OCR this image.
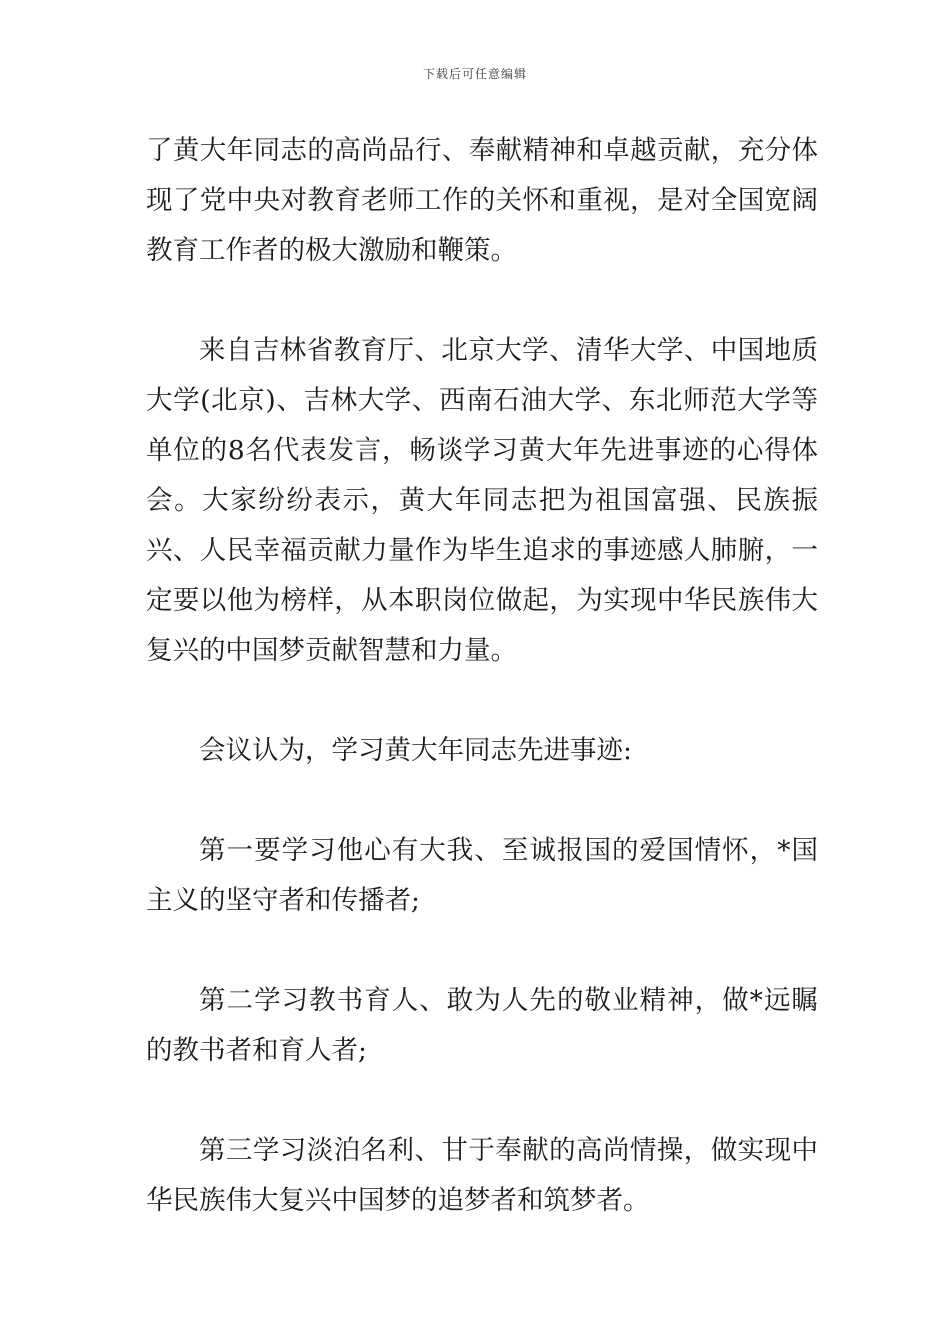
下载后可任意编辑

了黄大年同志的高尚品行、奉献精神和卓越贡献，充分体现了党中央对教育老师工作的关怀和重视，是对全国宽阔教育工作者的极大激励和鞭策。

来自吉林省教育厅、北京大学、清华大学、中国地质大学(北京)、吉林大学、西南石油大学、东北师范大学等单位的8名代表发言，畅谈学习黄大年先进事迹的心得体会。大家纷纷表示，黄大年同志把为祖国富强、民族振兴、人民幸福贡献力量作为毕生追求的事迹感人肺腑，一定要以他为榜样，从本职岗位做起，为实现中华民族伟大复兴的中国梦贡献智慧和力量。

会议认为，学习黄大年同志先进事迹:

第一要学习他心有大我、至诚报国的爱国情怀，*国主义的坚守者和传播者;

第二学习教书育人、敢为人先的敬业精神，做*远瞩的教书者和育人者;

第三学习淡泊名利、甘于奉献的高尚情操，做实现中华民族伟大复兴中国梦的追梦者和筑梦者。
